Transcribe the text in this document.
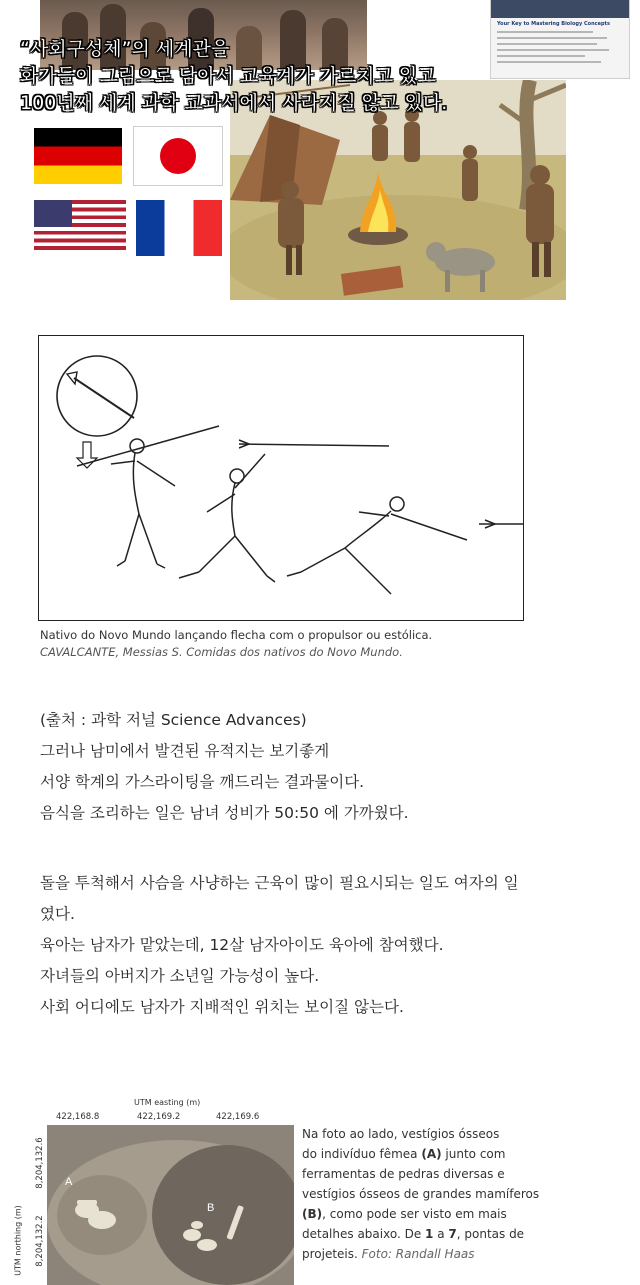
Your Key to Mastering Biology Concepts

“사회구성체”의 세계관을
화가들이 그림으로 담아서 교육계가 가르치고 있고
100년째 세계 과학 교과서에서 사라지질 않고 있다.

Nativo do Novo Mundo lançando flecha com o propulsor ou estólica.
CAVALCANTE, Messias S. Comidas dos nativos do Novo Mundo.

(출처 : 과학 저널 Science Advances)

그러나 남미에서 발견된 유적지는 보기좋게

서양 학계의 가스라이팅을 깨드리는 결과물이다.

음식을 조리하는 일은 남녀 성비가 50:50 에 가까웠다.

돌을 투척해서 사슴을 사냥하는 근육이 많이 필요시되는 일도 여자의 일

였다.

육아는 남자가 맡았는데, 12살 남자아이도 육아에 참여했다.

자녀들의 아버지가 소년일 가능성이 높다.

사회 어디에도 남자가 지배적인 위치는 보이질 않는다.

UTM easting (m)
422,168.8	422,169.2	422,169.6
8,204,132.6
8,204,132.2
UTM northing (m)
A
B
Na foto ao lado, vestígios ósseos
do indivíduo fêmea (A) junto com
ferramentas de pedras diversas e
vestígios ósseos de grandes mamíferos
(B), como pode ser visto em mais
detalhes abaixo. De 1 a 7, pontas de
projeteis. Foto: Randall Haas
